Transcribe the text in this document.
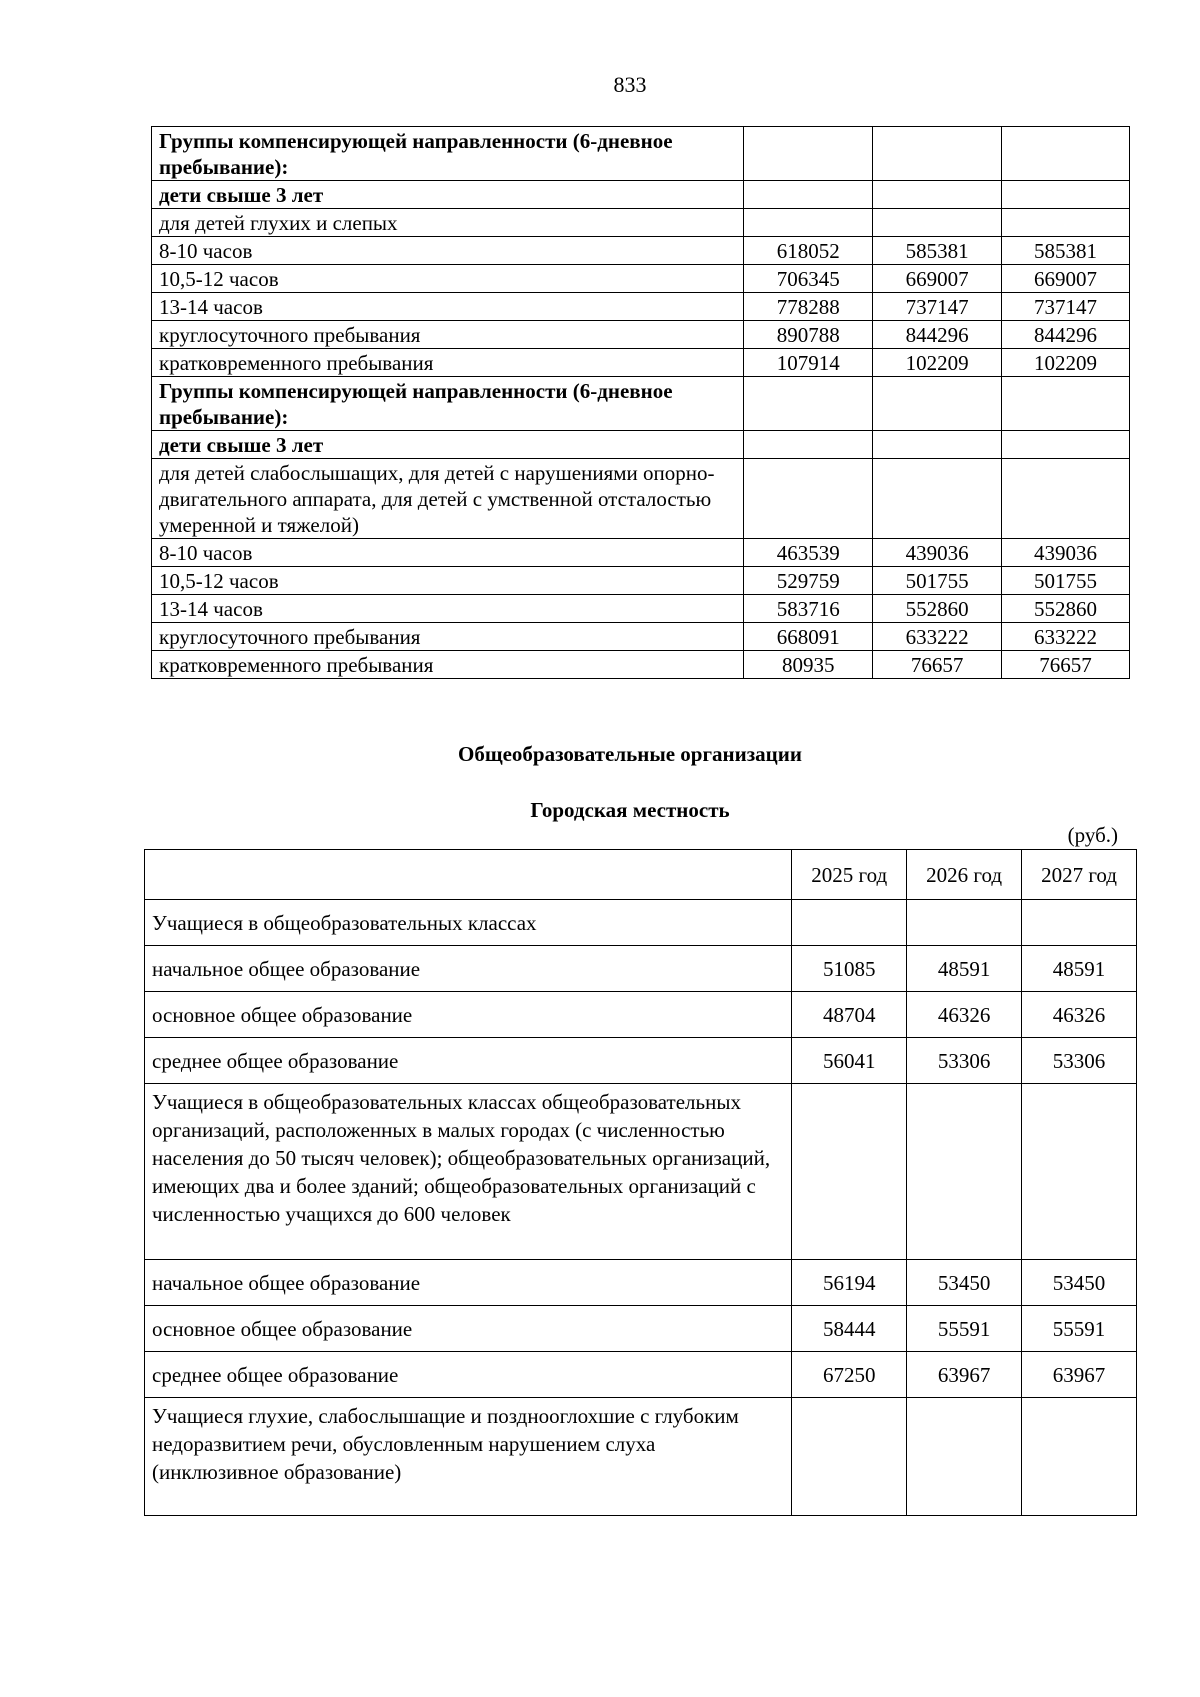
833
Группы компенсирующей направленности (6-дневное пребывание):			
дети свыше 3 лет			
для детей глухих и слепых			
8-10 часов	618052	585381	585381
10,5-12 часов	706345	669007	669007
13-14 часов	778288	737147	737147
круглосуточного пребывания	890788	844296	844296
кратковременного пребывания	107914	102209	102209
Группы компенсирующей направленности (6-дневное пребывание):			
дети свыше 3 лет			
для детей слабослышащих, для детей с нарушениями опорно-двигательного аппарата, для детей с умственной отсталостью умеренной и тяжелой)			
8-10 часов	463539	439036	439036
10,5-12 часов	529759	501755	501755
13-14 часов	583716	552860	552860
круглосуточного пребывания	668091	633222	633222
кратковременного пребывания	80935	76657	76657
Общеобразовательные организации
Городская местность
(руб.)
	2025 год	2026 год	2027 год
Учащиеся в общеобразовательных классах			
начальное общее образование	51085	48591	48591
основное общее образование	48704	46326	46326
среднее общее образование	56041	53306	53306
Учащиеся в общеобразовательных классах общеобразовательных организаций, расположенных в малых городах (с численностью населения до 50 тысяч человек); общеобразовательных организаций, имеющих два и более зданий; общеобразовательных организаций с численностью учащихся до 600 человек			
начальное общее образование	56194	53450	53450
основное общее образование	58444	55591	55591
среднее общее образование	67250	63967	63967
Учащиеся глухие, слабослышащие и позднооглохшие с глубоким недоразвитием речи, обусловленным нарушением слуха (инклюзивное образование)			
